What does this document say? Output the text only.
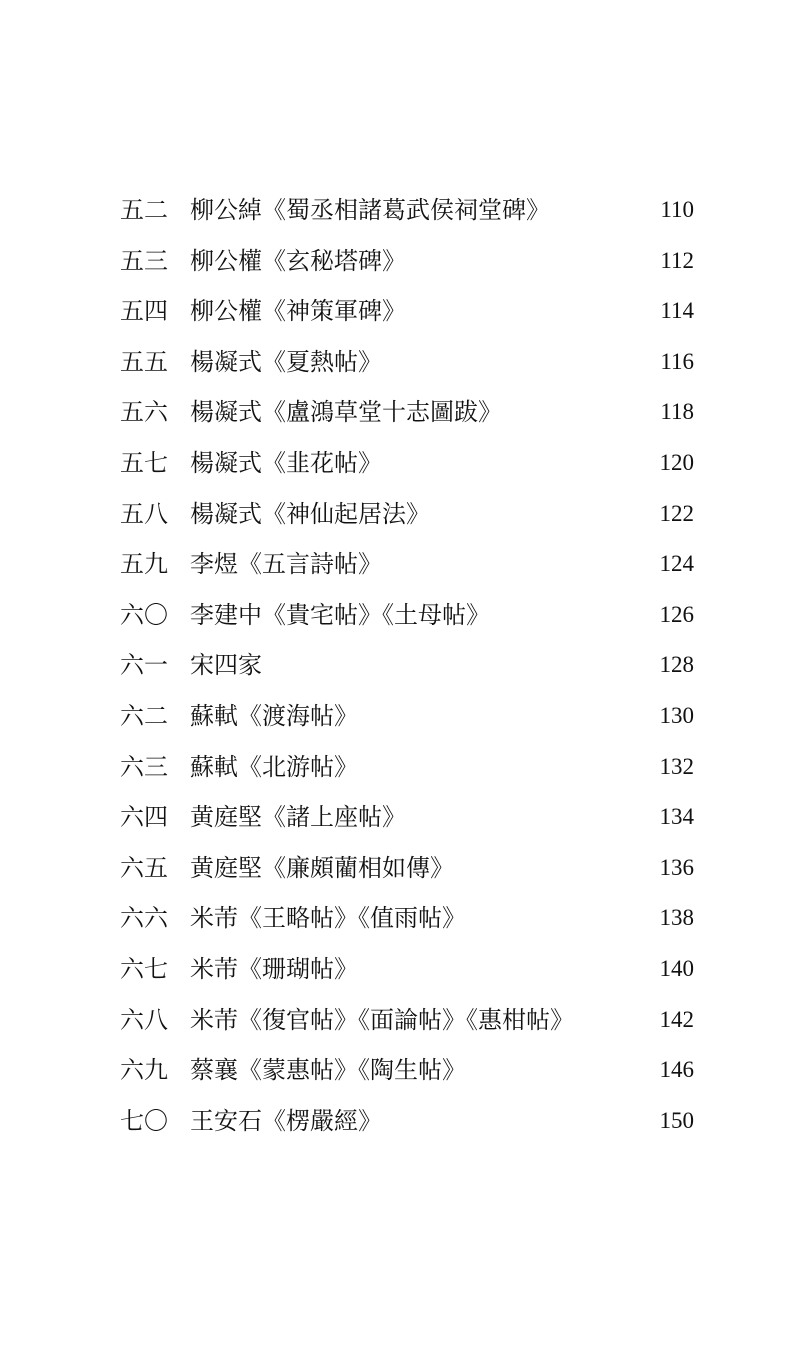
五二 柳公綽《蜀丞相諸葛武侯祠堂碑》	110
五三 柳公權《玄秘塔碑》	112
五四 柳公權《神策軍碑》	114
五五 楊凝式《夏熱帖》	116
五六 楊凝式《盧鴻草堂十志圖跋》	118
五七 楊凝式《韭花帖》	120
五八 楊凝式《神仙起居法》	122
五九 李煜《五言詩帖》	124
六〇 李建中《貴宅帖》《土母帖》	126
六一 宋四家	128
六二 蘇軾《渡海帖》	130
六三 蘇軾《北游帖》	132
六四 黄庭堅《諸上座帖》	134
六五 黄庭堅《廉頗藺相如傳》	136
六六 米芾《王略帖》《值雨帖》	138
六七 米芾《珊瑚帖》	140
六八 米芾《復官帖》《面論帖》《惠柑帖》	142
六九 蔡襄《蒙惠帖》《陶生帖》	146
七〇 王安石《楞嚴經》	150
